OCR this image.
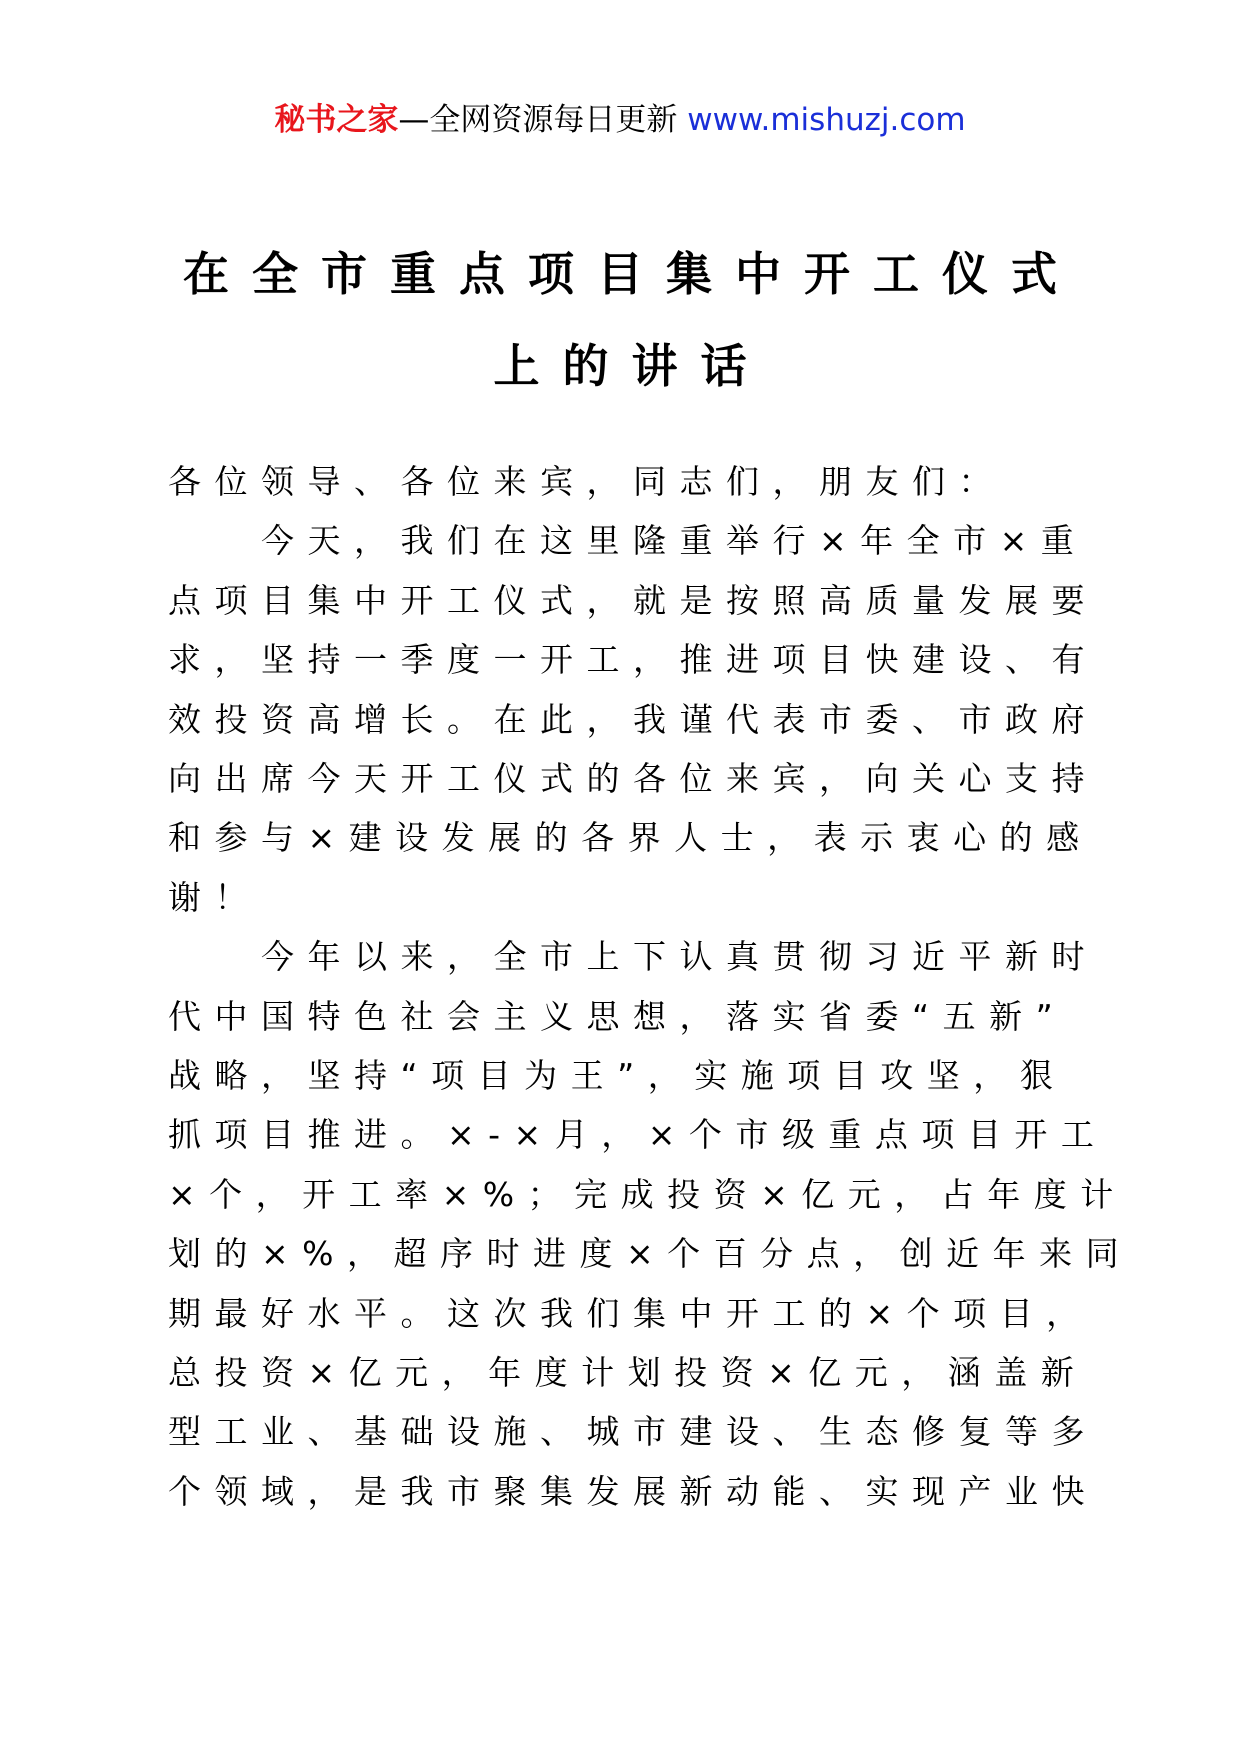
秘书之家—全网资源每日更新 www.mishuzj.com
在全市重点项目集中开工仪式
上的讲话
各位领导、各位来宾，同志们，朋友们：
　　今天，我们在这里隆重举行×年全市×重
点项目集中开工仪式，就是按照高质量发展要
求，坚持一季度一开工，推进项目快建设、有
效投资高增长。在此，我谨代表市委、市政府
向出席今天开工仪式的各位来宾，向关心支持
和参与×建设发展的各界人士，表示衷心的感
谢！
　　今年以来，全市上下认真贯彻习近平新时
代中国特色社会主义思想，落实省委“五新”
战略，坚持“项目为王”，实施项目攻坚，狠
抓项目推进。×-×月，×个市级重点项目开工
×个，开工率×%；完成投资×亿元，占年度计
划的×%，超序时进度×个百分点，创近年来同
期最好水平。这次我们集中开工的×个项目，
总投资×亿元，年度计划投资×亿元，涵盖新
型工业、基础设施、城市建设、生态修复等多
个领域，是我市聚集发展新动能、实现产业快
